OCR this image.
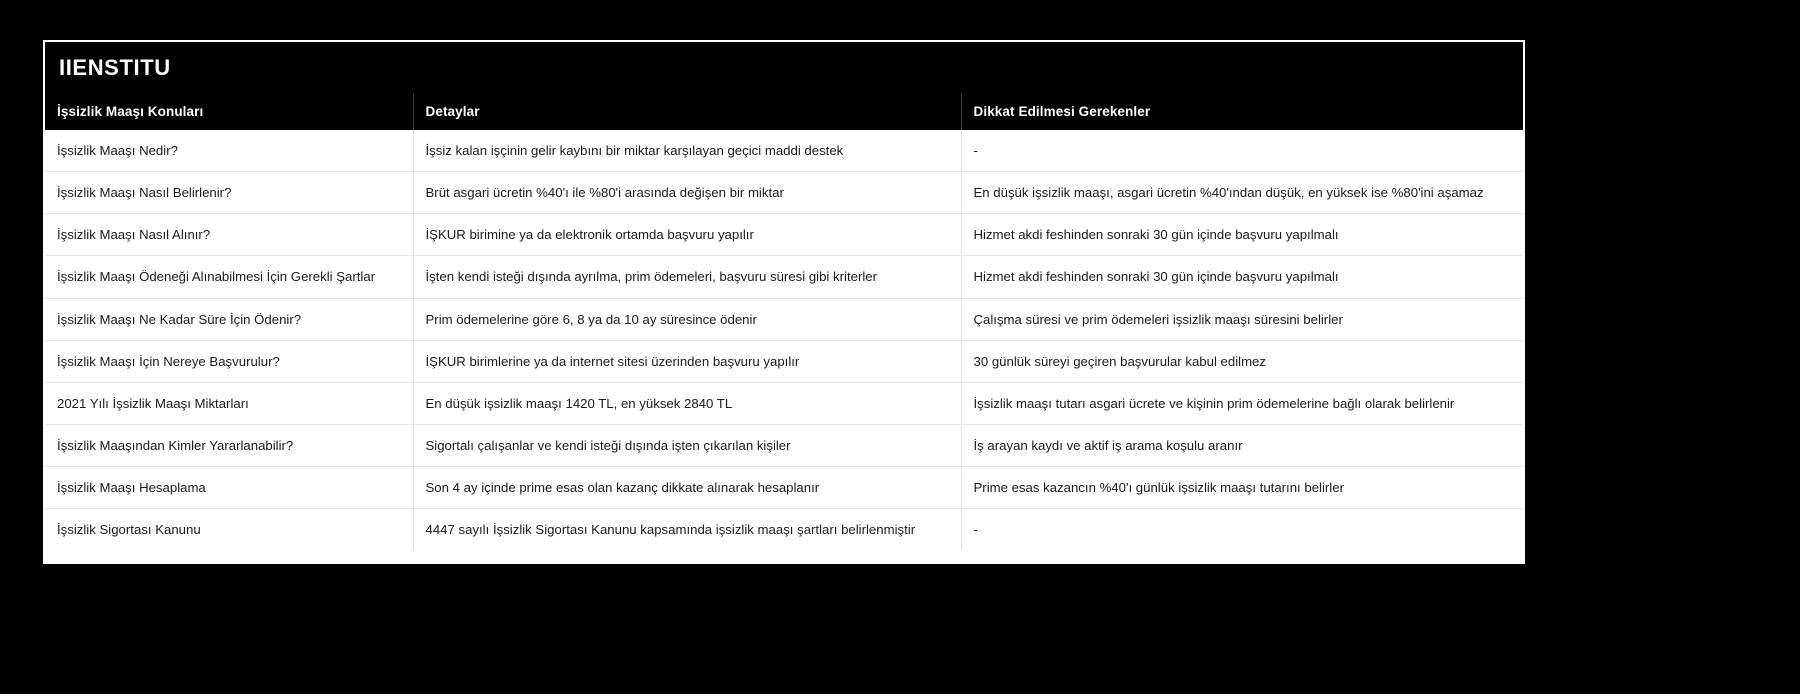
IIENSTITU
İşsizlik Maaşı Konuları	Detaylar	Dikkat Edilmesi Gerekenler
İşsizlik Maaşı Nedir?	İşsiz kalan işçinin gelir kaybını bir miktar karşılayan geçici maddi destek	-
İşsizlik Maaşı Nasıl Belirlenir?	Brüt asgari ücretin %40'ı ile %80'i arasında değişen bir miktar	En düşük işsizlik maaşı, asgari ücretin %40'ından düşük, en yüksek ise %80'ini aşamaz
İşsizlik Maaşı Nasıl Alınır?	İŞKUR birimine ya da elektronik ortamda başvuru yapılır	Hizmet akdi feshinden sonraki 30 gün içinde başvuru yapılmalı
İşsizlik Maaşı Ödeneği Alınabilmesi İçin Gerekli Şartlar	İşten kendi isteği dışında ayrılma, prim ödemeleri, başvuru süresi gibi kriterler	Hizmet akdi feshinden sonraki 30 gün içinde başvuru yapılmalı
İşsizlik Maaşı Ne Kadar Süre İçin Ödenir?	Prim ödemelerine göre 6, 8 ya da 10 ay süresince ödenir	Çalışma süresi ve prim ödemeleri işsizlik maaşı süresini belirler
İşsizlik Maaşı İçin Nereye Başvurulur?	İŞKUR birimlerine ya da internet sitesi üzerinden başvuru yapılır	30 günlük süreyi geçiren başvurular kabul edilmez
2021 Yılı İşsizlik Maaşı Miktarları	En düşük işsizlik maaşı 1420 TL, en yüksek 2840 TL	İşsizlik maaşı tutarı asgari ücrete ve kişinin prim ödemelerine bağlı olarak belirlenir
İşsizlik Maaşından Kimler Yararlanabilir?	Sigortalı çalışanlar ve kendi isteği dışında işten çıkarılan kişiler	İş arayan kaydı ve aktif iş arama koşulu aranır
İşsizlik Maaşı Hesaplama	Son 4 ay içinde prime esas olan kazanç dikkate alınarak hesaplanır	Prime esas kazancın %40'ı günlük işsizlik maaşı tutarını belirler
İşsizlik Sigortası Kanunu	4447 sayılı İşsizlik Sigortası Kanunu kapsamında işsizlik maaşı şartları belirlenmiştir	-
